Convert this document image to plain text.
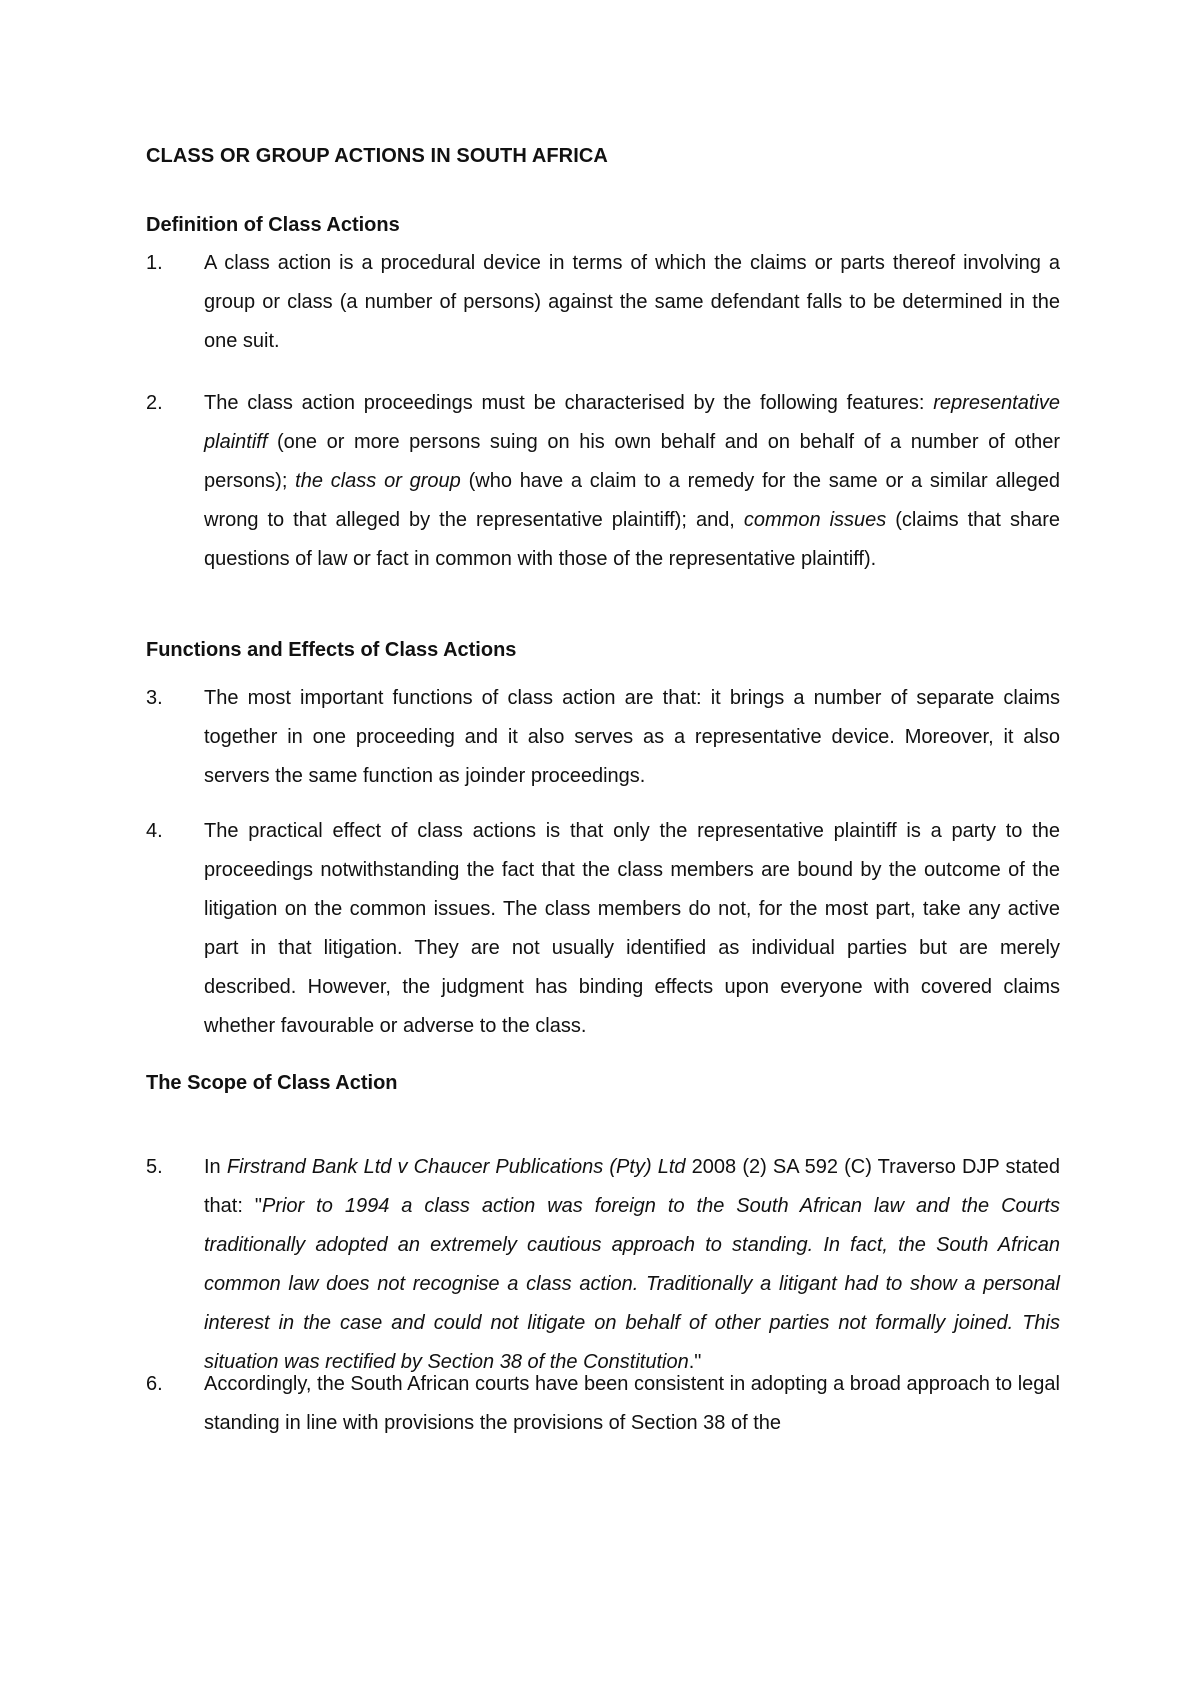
CLASS OR GROUP ACTIONS IN SOUTH AFRICA
Definition of Class Actions
1. A class action is a procedural device in terms of which the claims or parts thereof involving a group or class (a number of persons) against the same defendant falls to be determined in the one suit.
2. The class action proceedings must be characterised by the following features: representative plaintiff (one or more persons suing on his own behalf and on behalf of a number of other persons); the class or group (who have a claim to a remedy for the same or a similar alleged wrong to that alleged by the representative plaintiff); and, common issues (claims that share questions of law or fact in common with those of the representative plaintiff).
Functions and Effects of Class Actions
3. The most important functions of class action are that: it brings a number of separate claims together in one proceeding and it also serves as a representative device. Moreover, it also servers the same function as joinder proceedings.
4. The practical effect of class actions is that only the representative plaintiff is a party to the proceedings notwithstanding the fact that the class members are bound by the outcome of the litigation on the common issues. The class members do not, for the most part, take any active part in that litigation. They are not usually identified as individual parties but are merely described. However, the judgment has binding effects upon everyone with covered claims whether favourable or adverse to the class.
The Scope of Class Action
5. In Firstrand Bank Ltd v Chaucer Publications (Pty) Ltd 2008 (2) SA 592 (C) Traverso DJP stated that: "Prior to 1994 a class action was foreign to the South African law and the Courts traditionally adopted an extremely cautious approach to standing. In fact, the South African common law does not recognise a class action. Traditionally a litigant had to show a personal interest in the case and could not litigate on behalf of other parties not formally joined. This situation was rectified by Section 38 of the Constitution."
6. Accordingly, the South African courts have been consistent in adopting a broad approach to legal standing in line with provisions the provisions of Section 38 of the
